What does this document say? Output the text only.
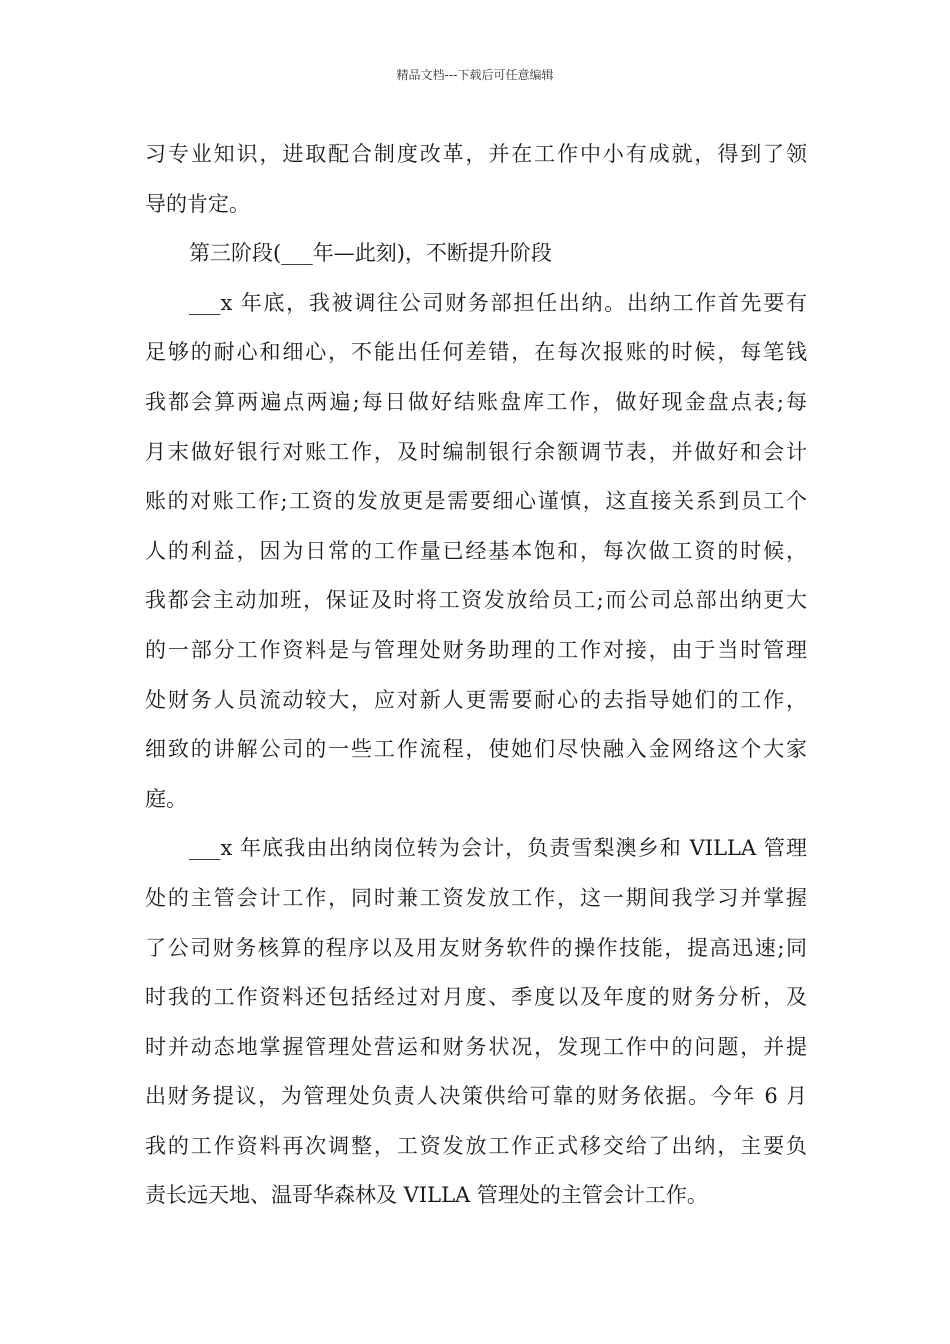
精品文档---下载后可任意编辑
习专业知识，进取配合制度改革，并在工作中小有成就，得到了领
导的肯定。
第三阶段(___年—此刻)，不断提升阶段
___x 年底，我被调往公司财务部担任出纳。出纳工作首先要有
足够的耐心和细心，不能出任何差错，在每次报账的时候，每笔钱
我都会算两遍点两遍;每日做好结账盘库工作，做好现金盘点表;每
月末做好银行对账工作，及时编制银行余额调节表，并做好和会计
账的对账工作;工资的发放更是需要细心谨慎，这直接关系到员工个
人的利益，因为日常的工作量已经基本饱和，每次做工资的时候，
我都会主动加班，保证及时将工资发放给员工;而公司总部出纳更大
的一部分工作资料是与管理处财务助理的工作对接，由于当时管理
处财务人员流动较大，应对新人更需要耐心的去指导她们的工作，
细致的讲解公司的一些工作流程，使她们尽快融入金网络这个大家
庭。
___x 年底我由出纳岗位转为会计，负责雪梨澳乡和 VILLA 管理
处的主管会计工作，同时兼工资发放工作，这一期间我学习并掌握
了公司财务核算的程序以及用友财务软件的操作技能，提高迅速;同
时我的工作资料还包括经过对月度、季度以及年度的财务分析，及
时并动态地掌握管理处营运和财务状况，发现工作中的问题，并提
出财务提议，为管理处负责人决策供给可靠的财务依据。今年 6 月
我的工作资料再次调整，工资发放工作正式移交给了出纳，主要负
责长远天地、温哥华森林及 VILLA 管理处的主管会计工作。
